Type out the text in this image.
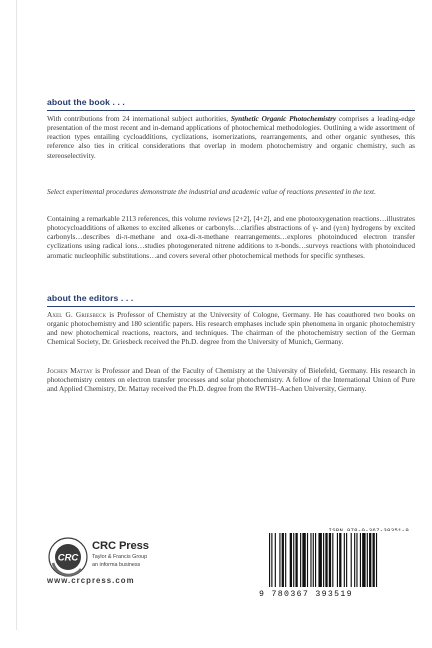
about the book . . .
With contributions from 24 international subject authorities, Synthetic Organic Photochemistry comprises a leading-edge presentation of the most recent and in-demand applications of photochemical methodologies. Outlining a wide assortment of reaction types entailing cycloadditions, cyclizations, isomerizations, rearrangements, and other organic syntheses, this reference also ties in critical considerations that overlap in modern photochemistry and organic chemistry, such as stereoselectivity.
Select experimental procedures demonstrate the industrial and academic value of reactions presented in the text.
Containing a remarkable 2113 references, this volume reviews [2+2], [4+2], and ene photooxygenation reactions…illustrates photocycloadditions of alkenes to excited alkenes or carbonyls…clarifies abstractions of γ- and (γ±n) hydrogens by excited carbonyls…describes di-π-methane and oxa-di-π-methane rearrangements…explores photoinduced electron transfer cyclizations using radical ions…studies photogenerated nitrene additions to π-bonds…surveys reactions with photoinduced aromatic nucleophilic substitutions…and covers several other photochemical methods for specific syntheses.
about the editors . . .
Axel G. Griesbeck is Professor of Chemistry at the University of Cologne, Germany. He has coauthored two books on organic photochemistry and 180 scientific papers. His research emphases include spin phenomena in organic photochemistry and new photochemical reactions, reactors, and techniques. The chairman of the photochemistry section of the German Chemical Society, Dr. Griesbeck received the Ph.D. degree from the University of Munich, Germany.
Jochen Mattay is Professor and Dean of the Faculty of Chemistry at the University of Bielefeld, Germany. His research in photochemistry centers on electron transfer processes and solar photochemistry. A fellow of the International Union of Pure and Applied Chemistry, Dr. Mattay received the Ph.D. degree from the RWTH–Aachen University, Germany.
CRC
CRC Press
Taylor & Francis Group
an informa business
www.crcpress.com
9 780367 393519
